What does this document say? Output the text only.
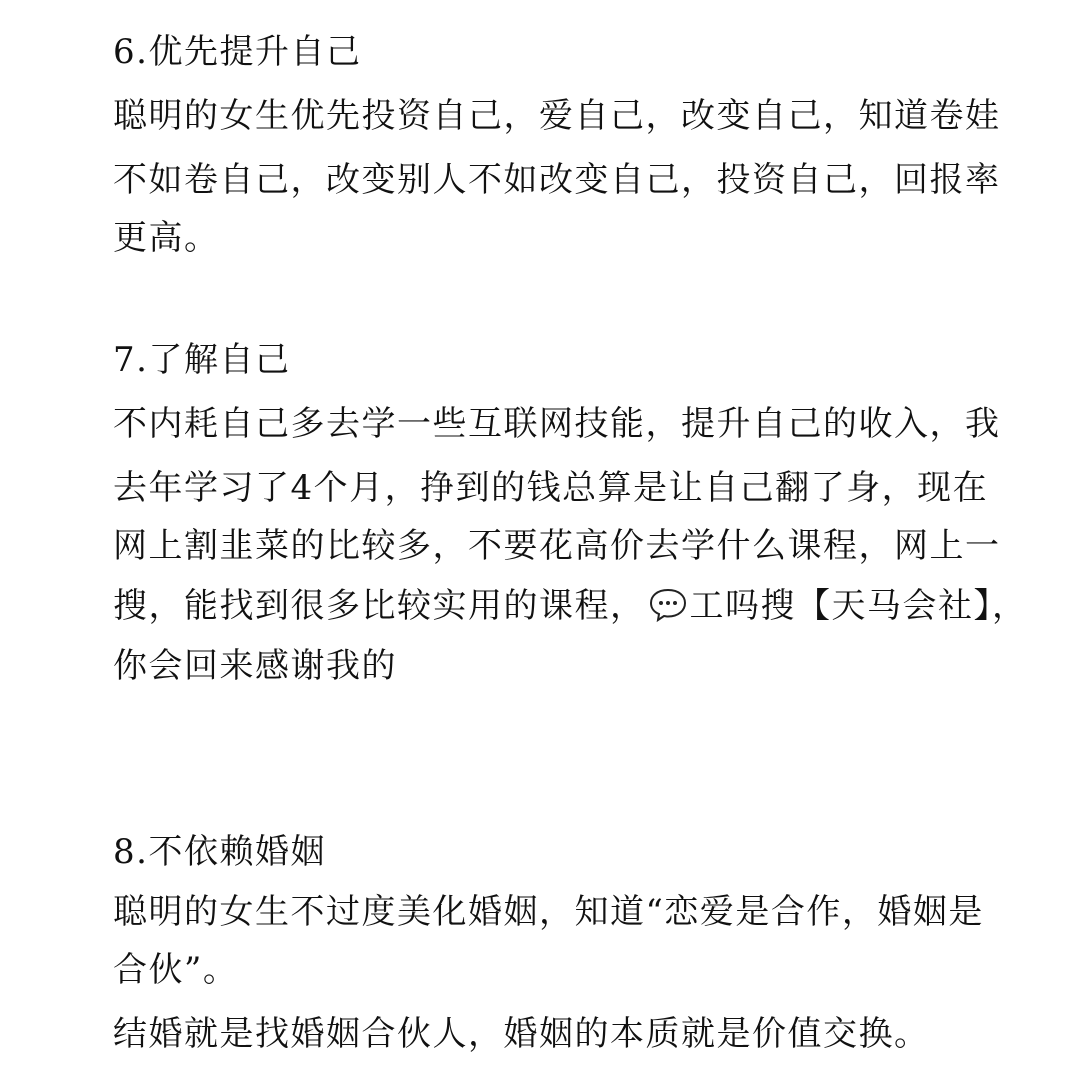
6.优先提升自己
聪明的女生优先投资自己，爱自己，改变自己，知道卷娃
不如卷自己，改变别人不如改变自己，投资自己，回报率
更高。
7.了解自己
不内耗自己多去学一些互联网技能，提升自己的收入，我
去年学习了4个月，挣到的钱总算是让自己翻了身，现在
网上割韭菜的比较多，不要花高价去学什么课程，网上一
搜，能找到很多比较实用的课程， 工吗搜【天马会社】，
你会回来感谢我的
8.不依赖婚姻
聪明的女生不过度美化婚姻，知道“恋爱是合作，婚姻是
合伙”。
结婚就是找婚姻合伙人，婚姻的本质就是价值交换。
